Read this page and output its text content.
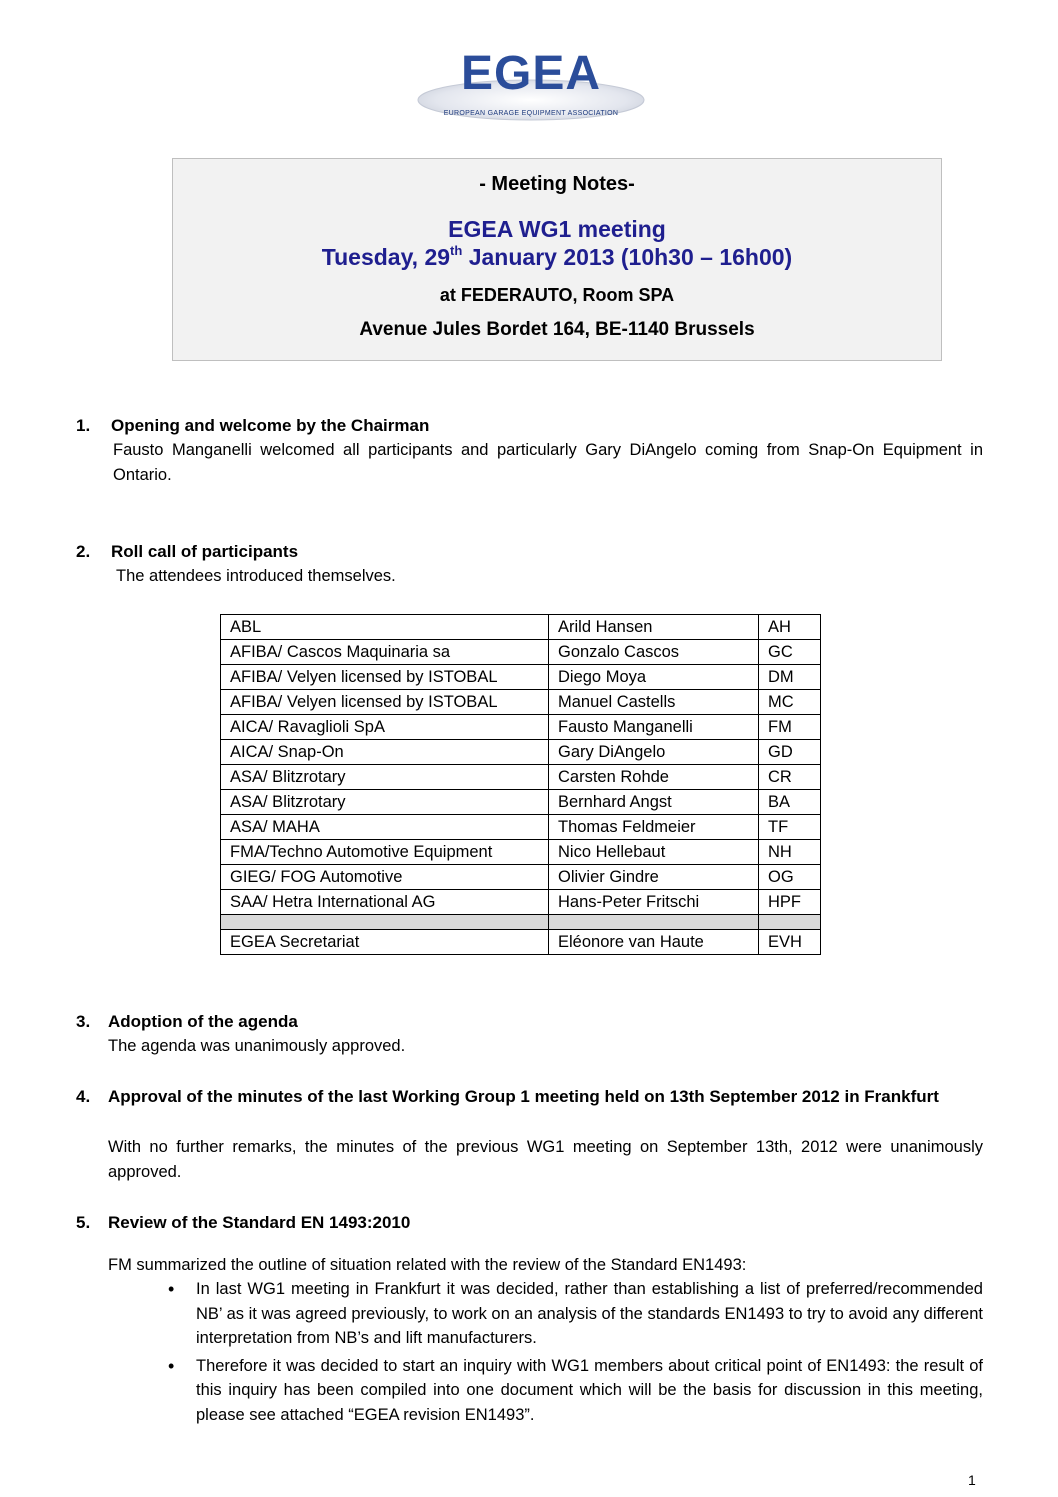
EGEA
EUROPEAN GARAGE EQUIPMENT ASSOCIATION
- Meeting Notes-
EGEA WG1 meeting
Tuesday, 29th January 2013 (10h30 – 16h00)
at FEDERAUTO, Room SPA
Avenue Jules Bordet 164, BE-1140 Brussels
1. Opening and welcome by the Chairman
Fausto Manganelli welcomed all participants and particularly Gary DiAngelo coming from Snap-On Equipment in Ontario.
2. Roll call of participants
The attendees introduced themselves.
ABL	Arild Hansen	AH
AFIBA/ Cascos Maquinaria sa	Gonzalo Cascos	GC
AFIBA/ Velyen licensed by ISTOBAL	Diego Moya	DM
AFIBA/ Velyen licensed by ISTOBAL	Manuel Castells	MC
AICA/ Ravaglioli SpA	Fausto Manganelli	FM
AICA/ Snap-On	Gary DiAngelo	GD
ASA/ Blitzrotary	Carsten Rohde	CR
ASA/ Blitzrotary	Bernhard Angst	BA
ASA/ MAHA	Thomas Feldmeier	TF
FMA/Techno Automotive Equipment	Nico Hellebaut	NH
GIEG/ FOG Automotive	Olivier Gindre	OG
SAA/ Hetra International AG	Hans-Peter Fritschi	HPF

EGEA Secretariat	Eléonore van Haute	EVH
3. Adoption of the agenda
The agenda was unanimously approved.
4. Approval of the minutes of the last Working Group 1 meeting held on 13th September 2012 in Frankfurt
With no further remarks, the minutes of the previous WG1 meeting on September 13th, 2012 were unanimously approved.
5. Review of the Standard EN 1493:2010
FM summarized the outline of situation related with the review of the Standard EN1493:
• In last WG1 meeting in Frankfurt it was decided, rather than establishing a list of preferred/recommended NB’ as it was agreed previously, to work on an analysis of the standards EN1493 to try to avoid any different interpretation from NB’s and lift manufacturers.
• Therefore it was decided to start an inquiry with WG1 members about critical point of EN1493: the result of this inquiry has been compiled into one document which will be the basis for discussion in this meeting, please see attached “EGEA revision EN1493”.
1
